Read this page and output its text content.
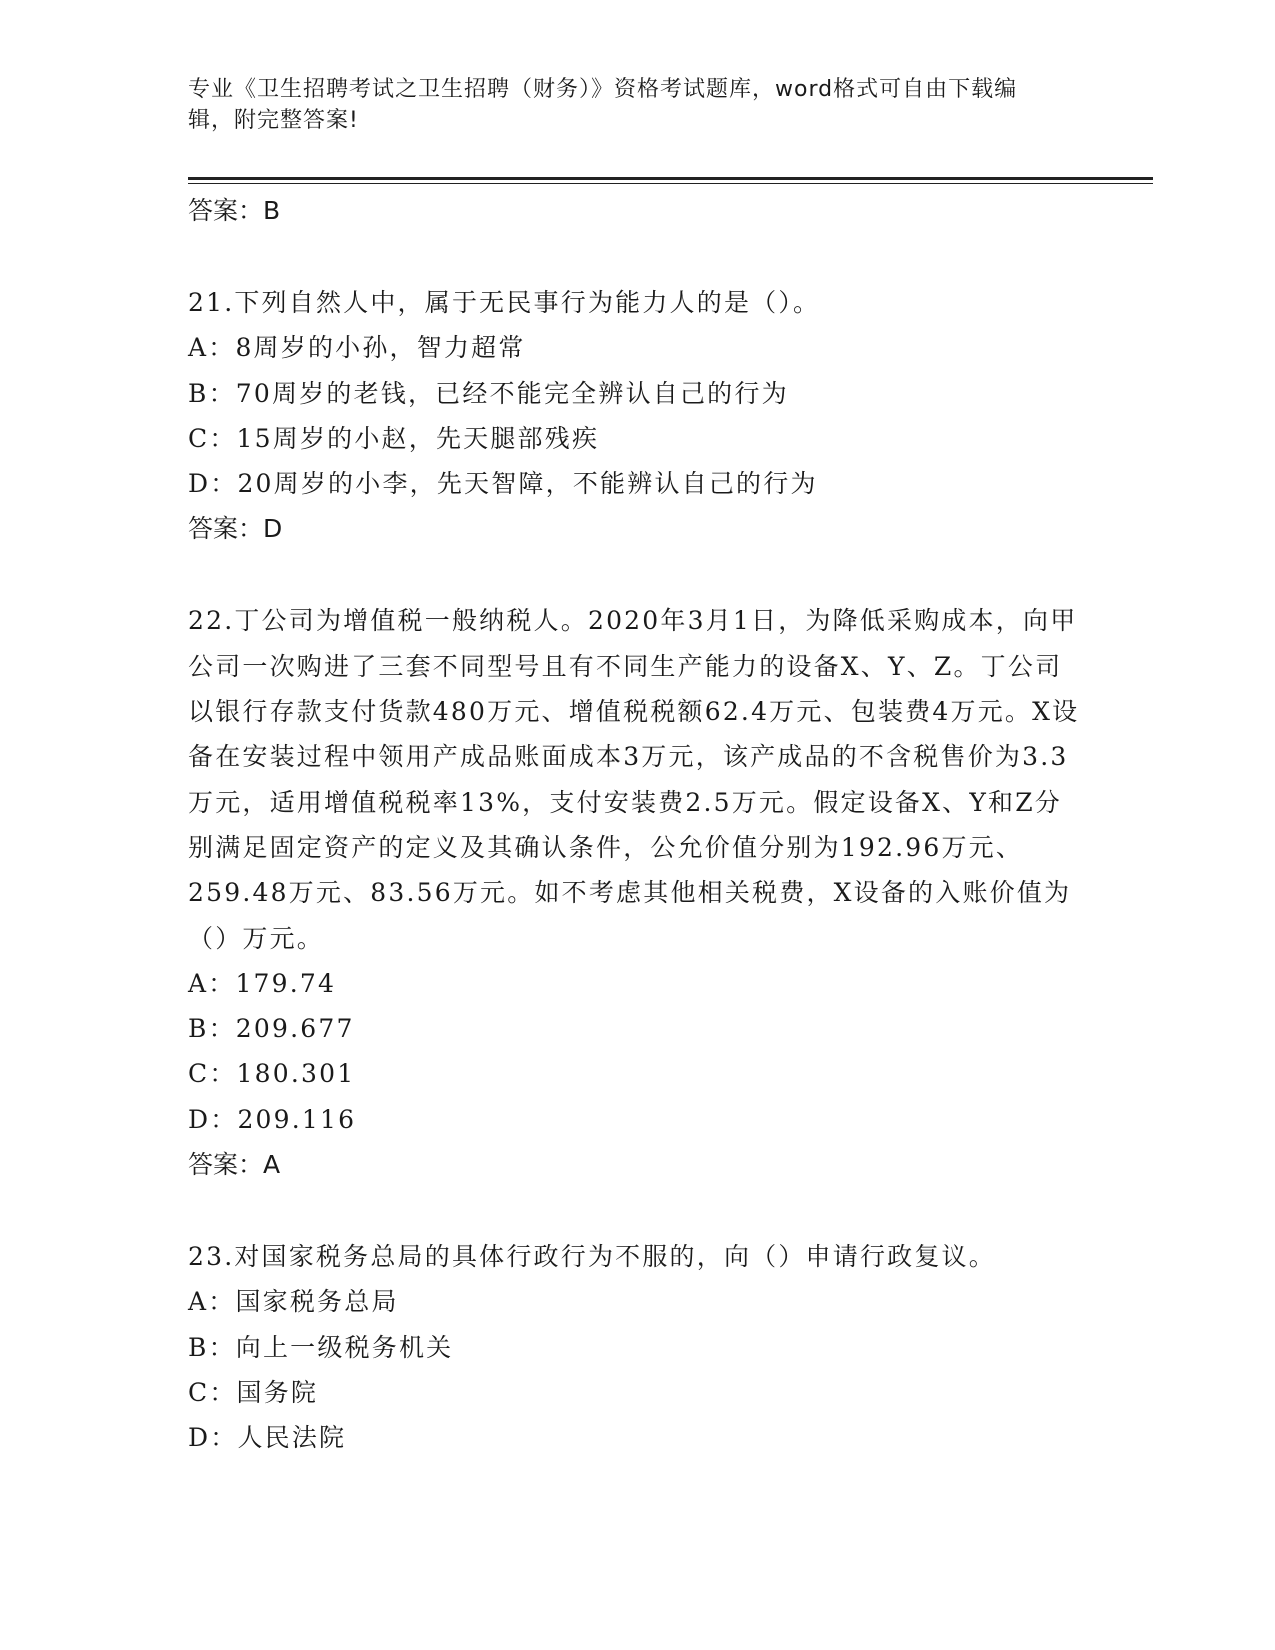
专业《卫生招聘考试之卫生招聘（财务）》资格考试题库，word格式可自由下载编辑，附完整答案!
答案：B
21.下列自然人中，属于无民事行为能力人的是（）。
A：8周岁的小孙，智力超常
B：70周岁的老钱，已经不能完全辨认自己的行为
C：15周岁的小赵，先天腿部残疾
D：20周岁的小李，先天智障，不能辨认自己的行为
答案：D
22.丁公司为增值税一般纳税人。2020年3月1日，为降低采购成本，向甲公司一次购进了三套不同型号且有不同生产能力的设备X、Y、Z。丁公司以银行存款支付货款480万元、增值税税额62.4万元、包装费4万元。X设备在安装过程中领用产成品账面成本3万元，该产成品的不含税售价为3.3万元，适用增值税税率13%，支付安装费2.5万元。假定设备X、Y和Z分别满足固定资产的定义及其确认条件，公允价值分别为192.96万元、259.48万元、83.56万元。如不考虑其他相关税费，X设备的入账价值为（）万元。
A：179.74
B：209.677
C：180.301
D：209.116
答案：A
23.对国家税务总局的具体行政行为不服的，向（）申请行政复议。
A：国家税务总局
B：向上一级税务机关
C：国务院
D：人民法院
